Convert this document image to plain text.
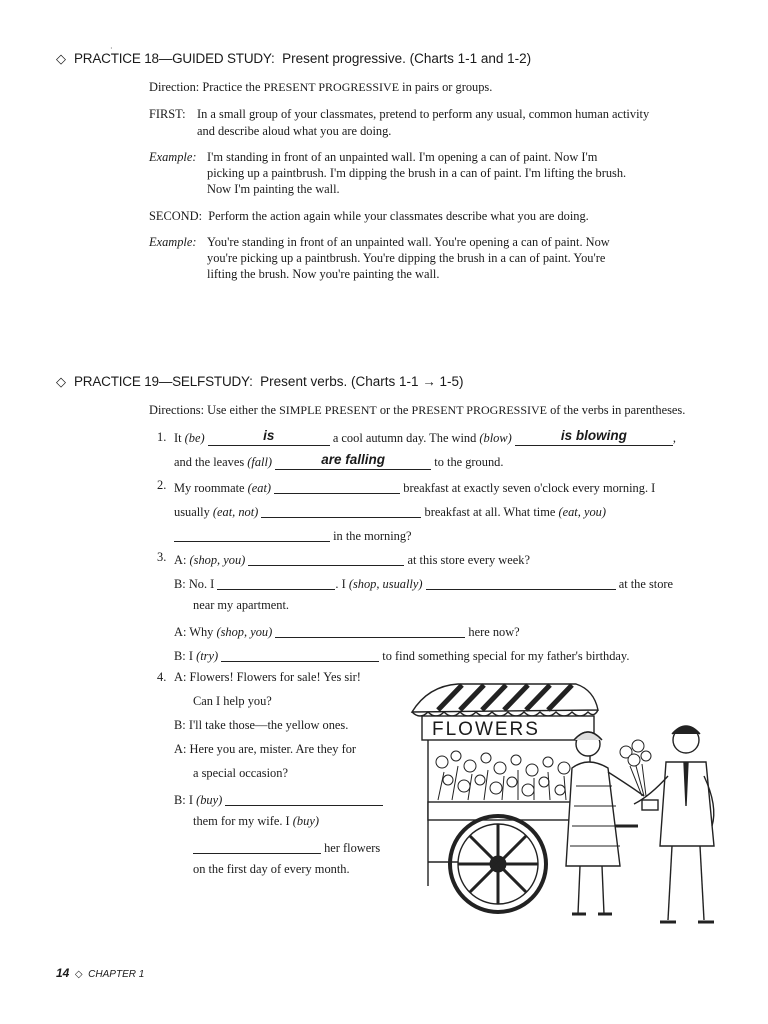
◇ PRACTICE 18—GUIDED STUDY: Present progressive. (Charts 1-1 and 1-2)
Direction: Practice the PRESENT PROGRESSIVE in pairs or groups.
FIRST: In a small group of your classmates, pretend to perform any usual, common human activity
and describe aloud what you are doing.
Example: I'm standing in front of an unpainted wall. I'm opening a can of paint. Now I'm
picking up a paintbrush. I'm dipping the brush in a can of paint. I'm lifting the brush.
Now I'm painting the wall.
SECOND: Perform the action again while your classmates describe what you are doing.
Example: You're standing in front of an unpainted wall. You're opening a can of paint. Now
you're picking up a paintbrush. You're dipping the brush in a can of paint. You're
lifting the brush. Now you're painting the wall.
◇ PRACTICE 19—SELFSTUDY: Present verbs. (Charts 1-1 → 1-5)
Directions: Use either the SIMPLE PRESENT or the PRESENT PROGRESSIVE of the verbs in parentheses.
1. It (be)	is	a cool autumn day. The wind (blow)	is blowing	,
and the leaves (fall)	are falling	to the ground.
2. My roommate (eat)	breakfast at exactly seven o'clock every morning. I
usually (eat, not)	breakfast at all. What time (eat, you)
in the morning?
3. A: (shop, you)	at this store every week?
B: No. I	. I (shop, usually)	at the store
near my apartment.
A: Why (shop, you)	here now?
B: I (try)	to find something special for my father's birthday.
4. A: Flowers! Flowers for sale! Yes sir!
Can I help you?
B: I'll take those—the yellow ones.
A: Here you are, mister. Are they for
a special occasion?
B: I (buy)
them for my wife. I (buy)
her flowers
on the first day of every month.
FLOWERS
·
14  ◇  CHAPTER 1
